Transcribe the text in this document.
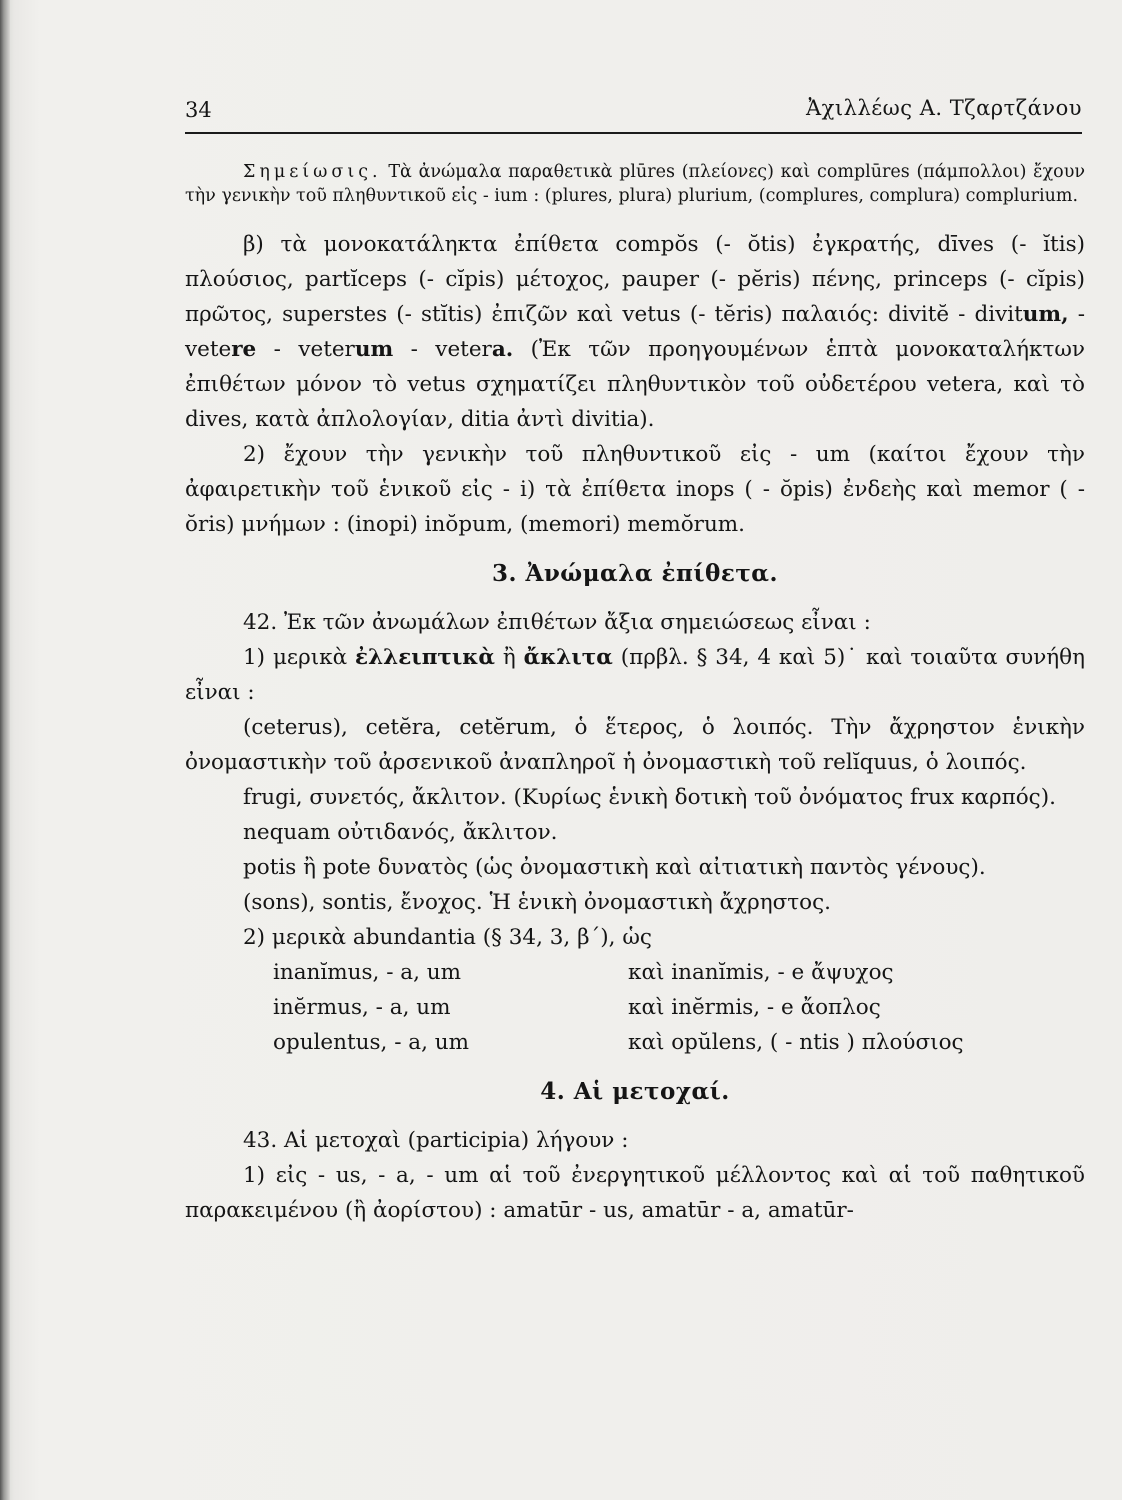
34	Ἀχιλλέως Α. Τζαρτζάνου

Σημείωσις. Τὰ ἀνώμαλα παραθετικὰ plūres (πλείονες) καὶ complūres (πάμπολλοι) ἔχουν τὴν γενικὴν τοῦ πληθυντικοῦ εἰς - ium : (plures, plura) plurium, (complures, complura) complurium.

β) τὰ μονοκατάληκτα ἐπίθετα compŏs (- ŏtis) ἐγκρατής, dīves (- ĭtis) πλούσιος, partĭceps (- cĭpis) μέτοχος, pauper (- pĕris) πένης, princeps (- cĭpis) πρῶτος, superstes (- stĭtis) ἐπιζῶν καὶ vetus (- tĕris) παλαιός: divitĕ - divitum, - vetere - veterum - vetera. (Ἐκ τῶν προηγουμένων ἑπτὰ μονοκαταλήκτων ἐπιθέτων μόνον τὸ vetus σχηματίζει πληθυντικὸν τοῦ οὐδετέρου vetera, καὶ τὸ dives, κατὰ ἀπλολογίαν, ditia ἀντὶ divitia).

2) ἔχουν τὴν γενικὴν τοῦ πληθυντικοῦ εἰς - um (καίτοι ἔχουν τὴν ἀφαιρετικὴν τοῦ ἑνικοῦ εἰς - i) τὰ ἐπίθετα inops ( - ŏpis) ἐνδεὴς καὶ memor ( - ŏris) μνήμων : (inopi) inŏpum, (memori) memŏrum.

3. Ἀνώμαλα ἐπίθετα.

42. Ἐκ τῶν ἀνωμάλων ἐπιθέτων ἄξια σημειώσεως εἶναι :

1) μερικὰ ἐλλειπτικὰ ἢ ἄκλιτα (πρβλ. § 34, 4 καὶ 5)˙ καὶ τοιαῦτα συνήθη εἶναι :

(ceterus), cetĕra, cetĕrum, ὁ ἕτερος, ὁ λοιπός. Τὴν ἄχρηστον ἑνικὴν ὀνομαστικὴν τοῦ ἀρσενικοῦ ἀναπληροῖ ἡ ὀνομαστικὴ τοῦ relĭquus, ὁ λοιπός.

frugi, συνετός, ἄκλιτον. (Κυρίως ἑνικὴ δοτικὴ τοῦ ὀνόματος frux καρπός).

nequam οὐτιδανός, ἄκλιτον.
potis ἢ pote δυνατὸς (ὡς ὀνομαστικὴ καὶ αἰτιατικὴ παντὸς γένους).
(sons), sontis, ἔνοχος. Ἡ ἑνικὴ ὀνομαστικὴ ἄχρηστος.
2) μερικὰ abundantia (§ 34, 3, β΄), ὡς
inanĭmus, - a, um	καὶ inanĭmis, - e ἄψυχος
inĕrmus, - a, um	καὶ inĕrmis, - e ἄοπλος
opulentus, - a, um	καὶ opŭlens, ( - ntis ) πλούσιος
4. Αἱ μετοχαί.

43. Αἱ μετοχαὶ (participia) λήγουν :

1) εἰς - us, - a, - um αἱ τοῦ ἐνεργητικοῦ μέλλοντος καὶ αἱ τοῦ παθητικοῦ παρακειμένου (ἢ ἀορίστου) : amatūr - us, amatūr - a, amatūr-
